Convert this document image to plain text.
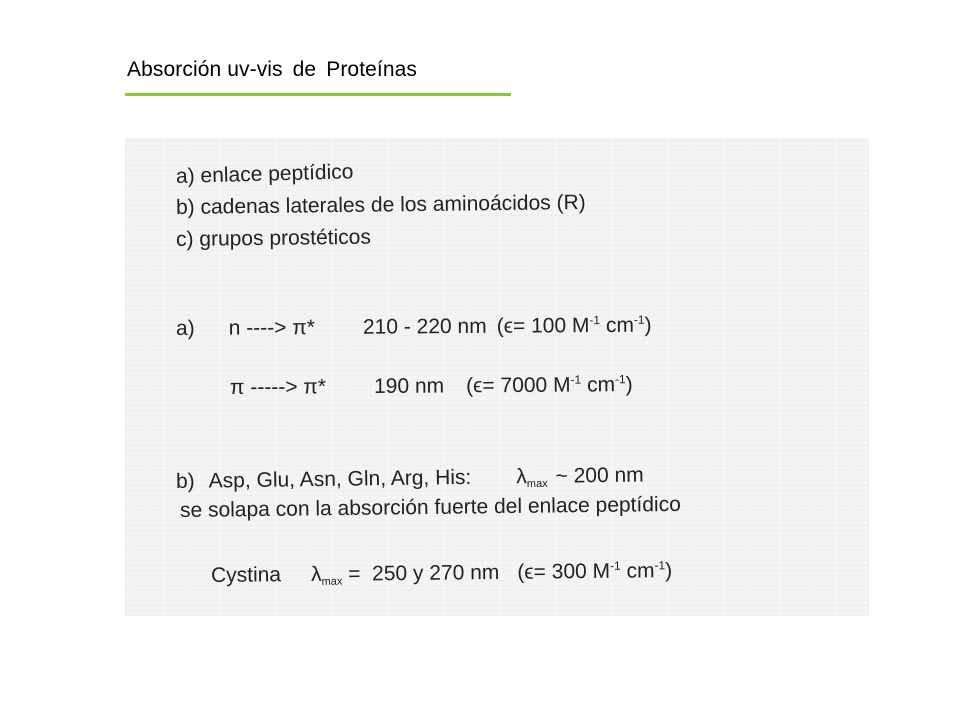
Absorción uv-vis de Proteínas
a) enlace peptídico
b) cadenas laterales de los aminoácidos (R)
c) grupos prostéticos
a) n ----> π* 210 - 220 nm (ϵ= 100 $M^{-1}$ $cm^{-1}$)
π -----> π* 190 nm (ϵ= 7000 $M^{-1}$ $cm^{-1}$)
b) Asp, Glu, Asn, Gln, Arg, His: $\lambda_{max}$ ~ 200 nm
se solapa con la absorción fuerte del enlace peptídico
Cystina $\lambda_{max} = 250$ y 270 nm (ϵ= 300 $M^{-1}$ $cm^{-1}$)
